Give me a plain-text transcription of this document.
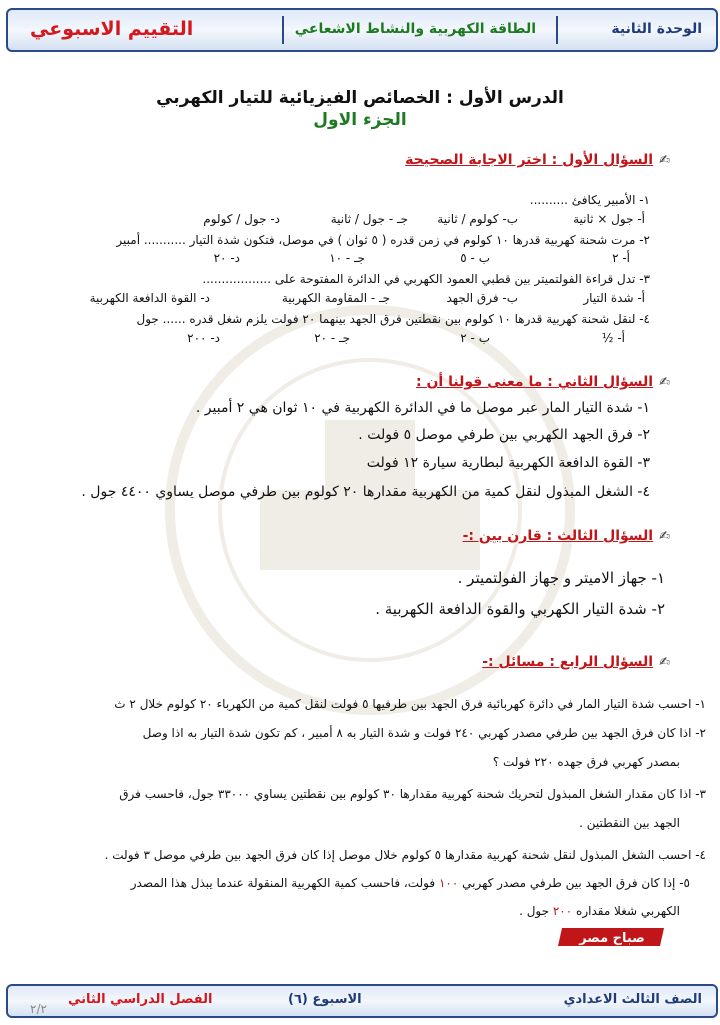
الوحدة الثانية
الطاقة الكهربية والنشاط الاشعاعي
التقييم الاسبوعي
الدرس الأول : الخصائص الفيزيائية للتيار الكهربي
الجزء الاول
✍السؤال الأول : اختر الاجابة الصحيحة
١- الأمبير يكافئ ..........
أ- جول × ثانية
ب- كولوم / ثانية
جـ - جول / ثانية
د- جول / كولوم
٢- مرت شحنة كهربية قدرها ١٠ كولوم في زمن قدره ( ٥ ثوان ) في موصل، فتكون شدة التيار ........... أمبير
أ- ٢
ب - ٥
جـ - ١٠
د- ٢٠
٣- تدل قراءة الفولتميتر بين قطبي العمود الكهربي في الدائرة المفتوحة على ..................
أ- شدة التيار
ب- فرق الجهد
جـ - المقاومة الكهربية
د- القوة الدافعة الكهربية
٤- لنقل شحنة كهربية قدرها ١٠ كولوم بين نقطتين فرق الجهد بينهما ٢٠ فولت يلزم شغل قدره ...... جول
أ- ½
ب - ٢
جـ - ٢٠
د- ٢٠٠
✍السؤال الثاني : ما معنى قولنا أن :
١- شدة التيار المار عبر موصل ما في الدائرة الكهربية في ١٠ ثوان هي ٢ أمبير .
٢- فرق الجهد الكهربي بين طرفي موصل ٥ فولت .
٣- القوة الدافعة الكهربية لبطارية سيارة ١٢ فولت
٤- الشغل المبذول لنقل كمية من الكهربية مقدارها ٢٠ كولوم بين طرفي موصل يساوي ٤٤٠٠ جول .
✍السؤال الثالث : قارن بين :-
١- جهاز الاميتر و جهاز الفولتميتر .
٢- شدة التيار الكهربي والقوة الدافعة الكهربية .
✍السؤال الرابع : مسائل :-
١- احسب شدة التيار المار في دائرة كهربائية فرق الجهد بين طرفيها ٥ فولت لنقل كمية من الكهرباء ٢٠ كولوم خلال ٢ ث
٢- اذا كان فرق الجهد بين طرفي مصدر كهربي ٢٤٠ فولت و شدة التيار به ٨ أمبير ، كم تكون شدة التيار به اذا وصل
بمصدر كهربي فرق جهده ٢٢٠ فولت ؟
٣- اذا كان مقدار الشغل المبذول لتحريك شحنة كهربية مقدارها ٣٠ كولوم بين نقطتين يساوي ٣٣٠٠٠ جول، فاحسب فرق
الجهد بين النقطتين .
٤- احسب الشغل المبذول لنقل شحنة كهربية مقدارها ٥ كولوم خلال موصل إذا كان فرق الجهد بين طرفي موصل ٣ فولت .
٥- إذا كان فرق الجهد بين طرفي مصدر كهربي ١٠٠ فولت، فاحسب كمية الكهربية المنقولة عندما يبذل هذا المصدر
الكهربي شغلا مقداره ٢٠٠ جول .
صباح مصر
الصف الثالث الاعدادي
الاسبوع (٦)
الفصل الدراسي الثاني
٢/٢
